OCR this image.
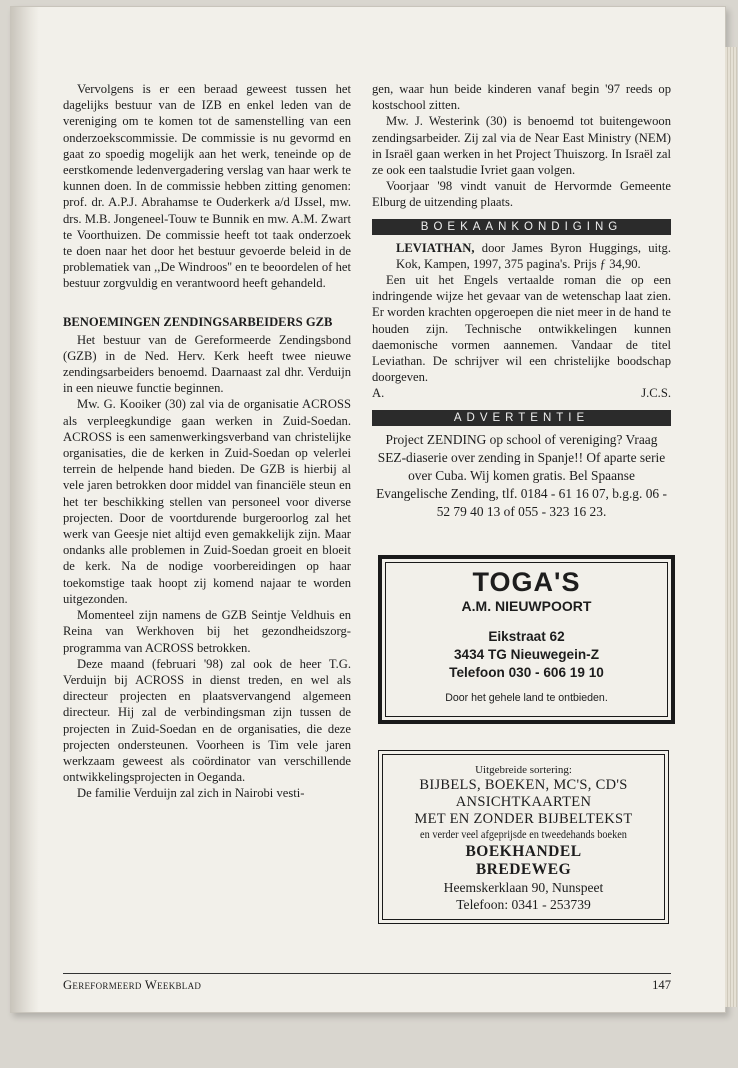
Vervolgens is er een beraad geweest tussen het dagelijks bestuur van de IZB en enkel leden van de vereniging om te komen tot de samenstelling van een onderzoekscommissie. De commissie is nu gevormd en gaat zo spoedig mogelijk aan het werk, teneinde op de eerstkomende ledenvergadering verslag van haar werk te kunnen doen. In de commissie hebben zitting genomen: prof. dr. A.P.J. Abrahamse te Ouderkerk a/d IJssel, mw. drs. M.B. Jongeneel-Touw te Bunnik en mw. A.M. Zwart te Voorthuizen. De commissie heeft tot taak onderzoek te doen naar het door het bestuur gevoerde beleid in de problematiek van ,,De Windroos'' en te beoordelen of het bestuur zorgvuldig en verantwoord heeft gehandeld.

BENOEMINGEN ZENDINGSARBEIDERS GZB

Het bestuur van de Gereformeerde Zendingsbond (GZB) in de Ned. Herv. Kerk heeft twee nieuwe zendingsarbeiders benoemd. Daarnaast zal dhr. Verduijn in een nieuwe functie beginnen.

Mw. G. Kooiker (30) zal via de organisatie ACROSS als verpleegkundige gaan werken in Zuid-Soedan. ACROSS is een samenwerkingsverband van christelijke organisaties, die de kerken in Zuid-Soedan op velerlei terrein de helpende hand bieden. De GZB is hierbij al vele jaren betrokken door middel van financiële steun en het ter beschikking stellen van personeel voor diverse projecten. Door de voortdurende burgeroorlog zal het werk van Geesje niet altijd even gemakkelijk zijn. Maar ondanks alle problemen in Zuid-Soedan groeit en bloeit de kerk. Na de nodige voorbereidingen op haar toekomstige taak hoopt zij komend najaar te worden uitgezonden.

Momenteel zijn namens de GZB Seintje Veldhuis en Reina van Werkhoven bij het gezondheidszorg-programma van ACROSS betrokken.

Deze maand (februari '98) zal ook de heer T.G. Verduijn bij ACROSS in dienst treden, en wel als directeur projecten en plaatsvervangend algemeen directeur. Hij zal de verbindingsman zijn tussen de projecten in Zuid-Soedan en de organisaties, die deze projecten ondersteunen. Voorheen is Tim vele jaren werkzaam geweest als coördinator van verschillende ontwikkelingsprojecten in Oeganda.

De familie Verduijn zal zich in Nairobi vesti-

gen, waar hun beide kinderen vanaf begin '97 reeds op kostschool zitten.

Mw. J. Westerink (30) is benoemd tot buitengewoon zendingsarbeider. Zij zal via de Near East Ministry (NEM) in Israël gaan werken in het Project Thuiszorg. In Israël zal ze ook een taalstudie Ivriet gaan volgen.

Voorjaar '98 vindt vanuit de Hervormde Gemeente Elburg de uitzending plaats.

BOEKAANKONDIGING

LEVIATHAN, door James Byron Huggings, uitg. Kok, Kampen, 1997, 375 pagina's. Prijs ƒ 34,90.

Een uit het Engels vertaalde roman die op een indringende wijze het gevaar van de wetenschap laat zien. Er worden krachten opgeroepen die niet meer in de hand te houden zijn. Technische ontwikkelingen kunnen daemonische vormen aannemen. Vandaar de titel Leviathan. De schrijver wil een christelijke boodschap doorgeven.

A.	J.C.S.
ADVERTENTIE
Project ZENDING op school of vereniging? Vraag SEZ-diaserie over zending in Spanje!! Of aparte serie over Cuba. Wij komen gratis. Bel Spaanse Evangelische Zending, tlf. 0184 - 61 16 07, b.g.g. 06 - 52 79 40 13 of 055 - 323 16 23.
TOGA'S
A.M. NIEUWPOORT
Eikstraat 62
3434 TG Nieuwegein-Z
Telefoon 030 - 606 19 10
Door het gehele land te ontbieden.
Uitgebreide sortering:
BIJBELS, BOEKEN, MC'S, CD'S
ANSICHTKAARTEN
MET EN ZONDER BIJBELTEKST
en verder veel afgeprijsde en tweedehands boeken
BOEKHANDEL
BREDEWEG
Heemskerklaan 90, Nunspeet
Telefoon: 0341 - 253739
Gereformeerd Weekblad	147
